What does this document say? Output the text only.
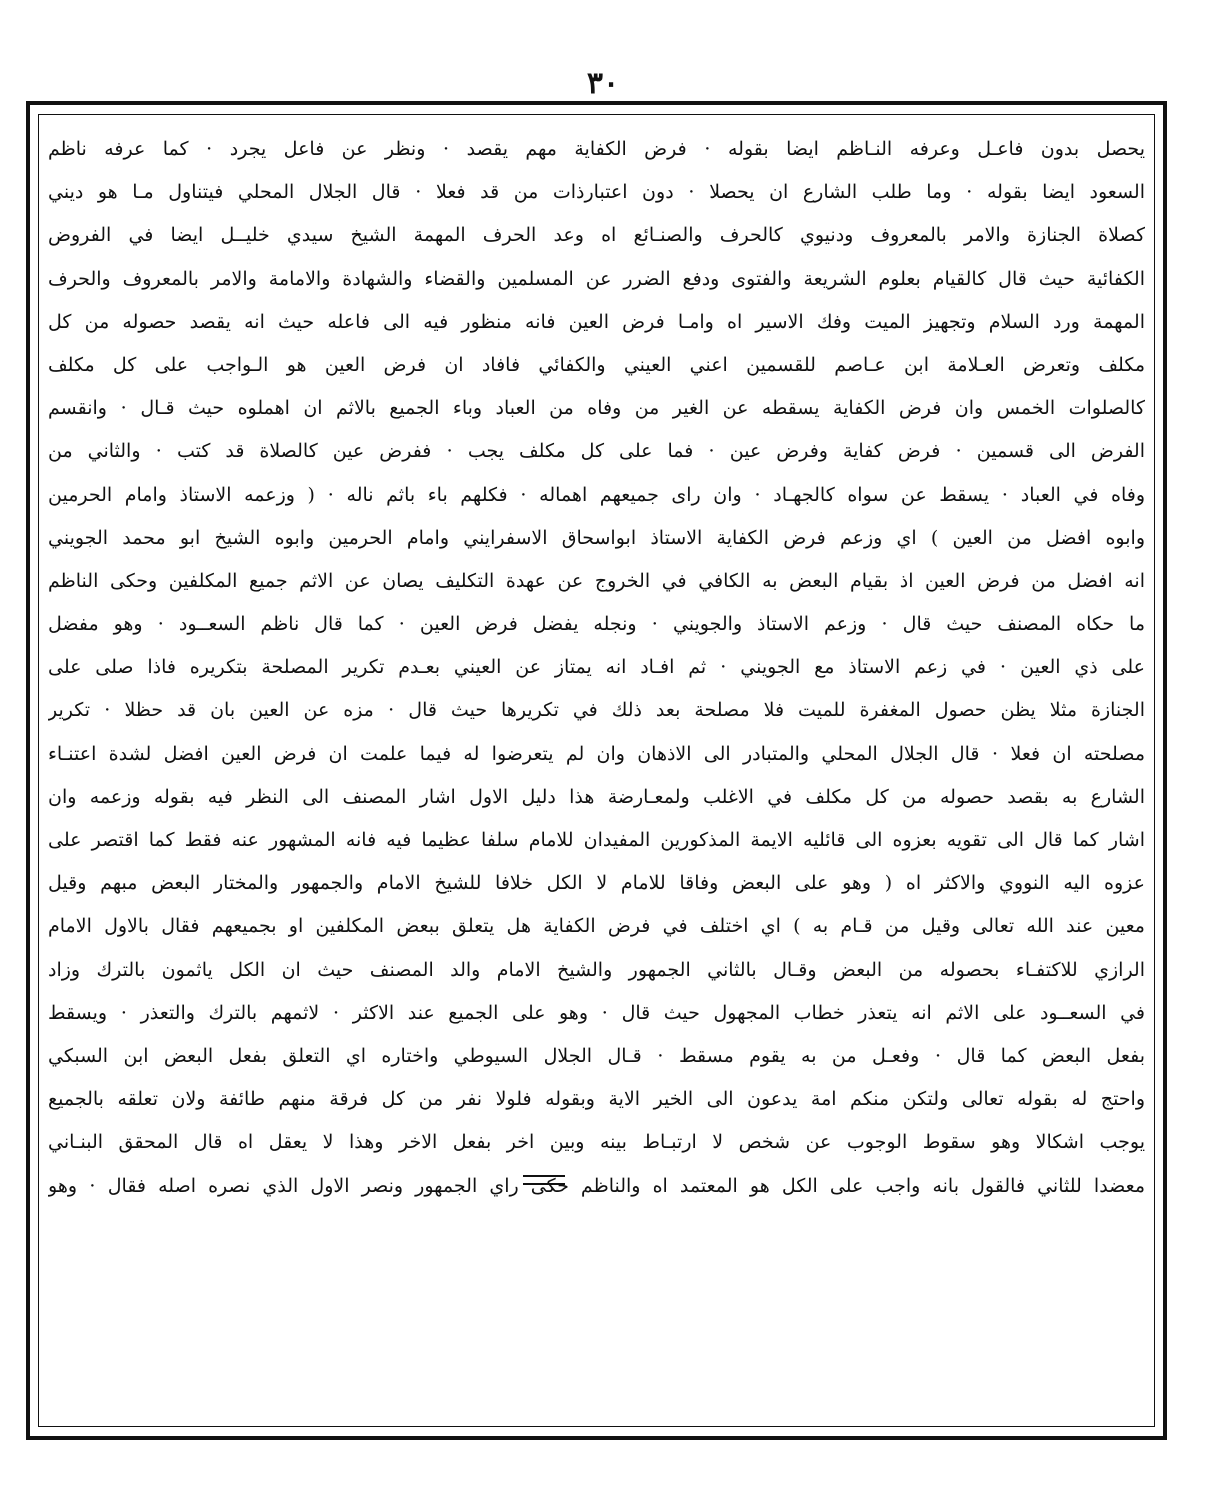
٣٠
يحصل بدون فاعـل وعرفه النـاظم ايضا بقوله ⋅ فرض الكفاية مهم يقصد ⋅ ونظر عن فاعل يجرد ⋅ كما عرفه ناظم
السعود ايضا بقوله ⋅ وما طلب الشارع ان يحصلا ⋅ دون اعتبارذات من قد فعلا ⋅ قال الجلال المحلي فيتناول مـا هو ديني
كصلاة الجنازة والامر بالمعروف ودنيوي كالحرف والصنـائع اه وعد الحرف المهمة الشيخ سيدي خليــل ايضا في الفروض
الكفائية حيث قال كالقيام بعلوم الشريعة والفتوى ودفع الضرر عن المسلمين والقضاء والشهادة والامامة والامر بالمعروف والحرف
المهمة ورد السلام وتجهيز الميت وفك الاسير اه وامـا فرض العين فانه منظور فيه الى فاعله حيث انه يقصد حصوله من كل
مكلف وتعرض العـلامة ابن عـاصم للقسمين اعني العيني والكفائي فافاد ان فرض العين هو الـواجب على كل مكلف
كالصلوات الخمس وان فرض الكفاية يسقطه عن الغير من وفاه من العباد وباء الجميع بالاثم ان اهملوه حيث قـال ⋅ وانقسم
الفرض الى قسمين ⋅ فرض كفاية وفرض عين ⋅ فما على كل مكلف يجب ⋅ ففرض عين كالصلاة قد كتب ⋅ والثاني من
وفاه في العباد ⋅ يسقط عن سواه كالجهـاد ⋅ وان راى جميعهم اهماله ⋅ فكلهم باء باثم ناله ⋅ ( وزعمه الاستاذ وامام الحرمين
وابوه افضل من العين ) اي وزعم فرض الكفاية الاستاذ ابواسحاق الاسفرايني وامام الحرمين وابوه الشيخ ابو محمد الجويني
انه افضل من فرض العين اذ بقيام البعض به الكافي في الخروج عن عهدة التكليف يصان عن الاثم جميع المكلفين وحكى الناظم
ما حكاه المصنف حيث قال ⋅ وزعم الاستاذ والجويني ⋅ ونجله يفضل فرض العين ⋅ كما قال ناظم السعــود ⋅ وهو مفضل
على ذي العين ⋅ في زعم الاستاذ مع الجويني ⋅ ثم افـاد انه يمتاز عن العيني بعـدم تكرير المصلحة بتكريره فاذا صلى على
الجنازة مثلا يظن حصول المغفرة للميت فلا مصلحة بعد ذلك في تكريرها حيث قال ⋅ مزه عن العين بان قد حظلا ⋅ تكرير
مصلحته ان فعلا ⋅ قال الجلال المحلي والمتبادر الى الاذهان وان لم يتعرضوا له فيما علمت ان فرض العين افضل لشدة اعتنـاء
الشارع به بقصد حصوله من كل مكلف في الاغلب ولمعـارضة هذا دليل الاول اشار المصنف الى النظر فيه بقوله وزعمه وان
اشار كما قال الى تقويه بعزوه الى قائليه الايمة المذكورين المفيدان للامام سلفا عظيما فيه فانه المشهور عنه فقط كما اقتصر على
عزوه اليه النووي والاكثر اه ( وهو على البعض وفاقا للامام لا الكل خلافا للشيخ الامام والجمهور والمختار البعض مبهم وقيل
معين عند الله تعالى وقيل من قـام به ) اي اختلف في فرض الكفاية هل يتعلق ببعض المكلفين او بجميعهم فقال بالاول الامام
الرازي للاكتفـاء بحصوله من البعض وقـال بالثاني الجمهور والشيخ الامام والد المصنف حيث ان الكل ياثمون بالترك وزاد
في السعــود على الاثم انه يتعذر خطاب المجهول حيث قال ⋅ وهو على الجميع عند الاكثر ⋅ لاثمهم بالترك والتعذر ⋅ ويسقط
بفعل البعض كما قال ⋅ وفعـل من به يقوم مسقط ⋅ قـال الجلال السيوطي واختاره اي التعلق بفعل البعض ابن السبكي
واحتج له بقوله تعالى ولتكن منكم امة يدعون الى الخير الاية وبقوله فلولا نفر من كل فرقة منهم طائفة ولان تعلقه بالجميع
يوجب اشكالا وهو سقوط الوجوب عن شخص لا ارتبـاط بينه وبين اخر بفعل الاخر وهذا لا يعقل اه قال المحقق البنـاني
معضدا للثاني فالقول بانه واجب على الكل هو المعتمد اه والناظم حكى راي الجمهور ونصر الاول الذي نصره اصله فقال ⋅ وهو
